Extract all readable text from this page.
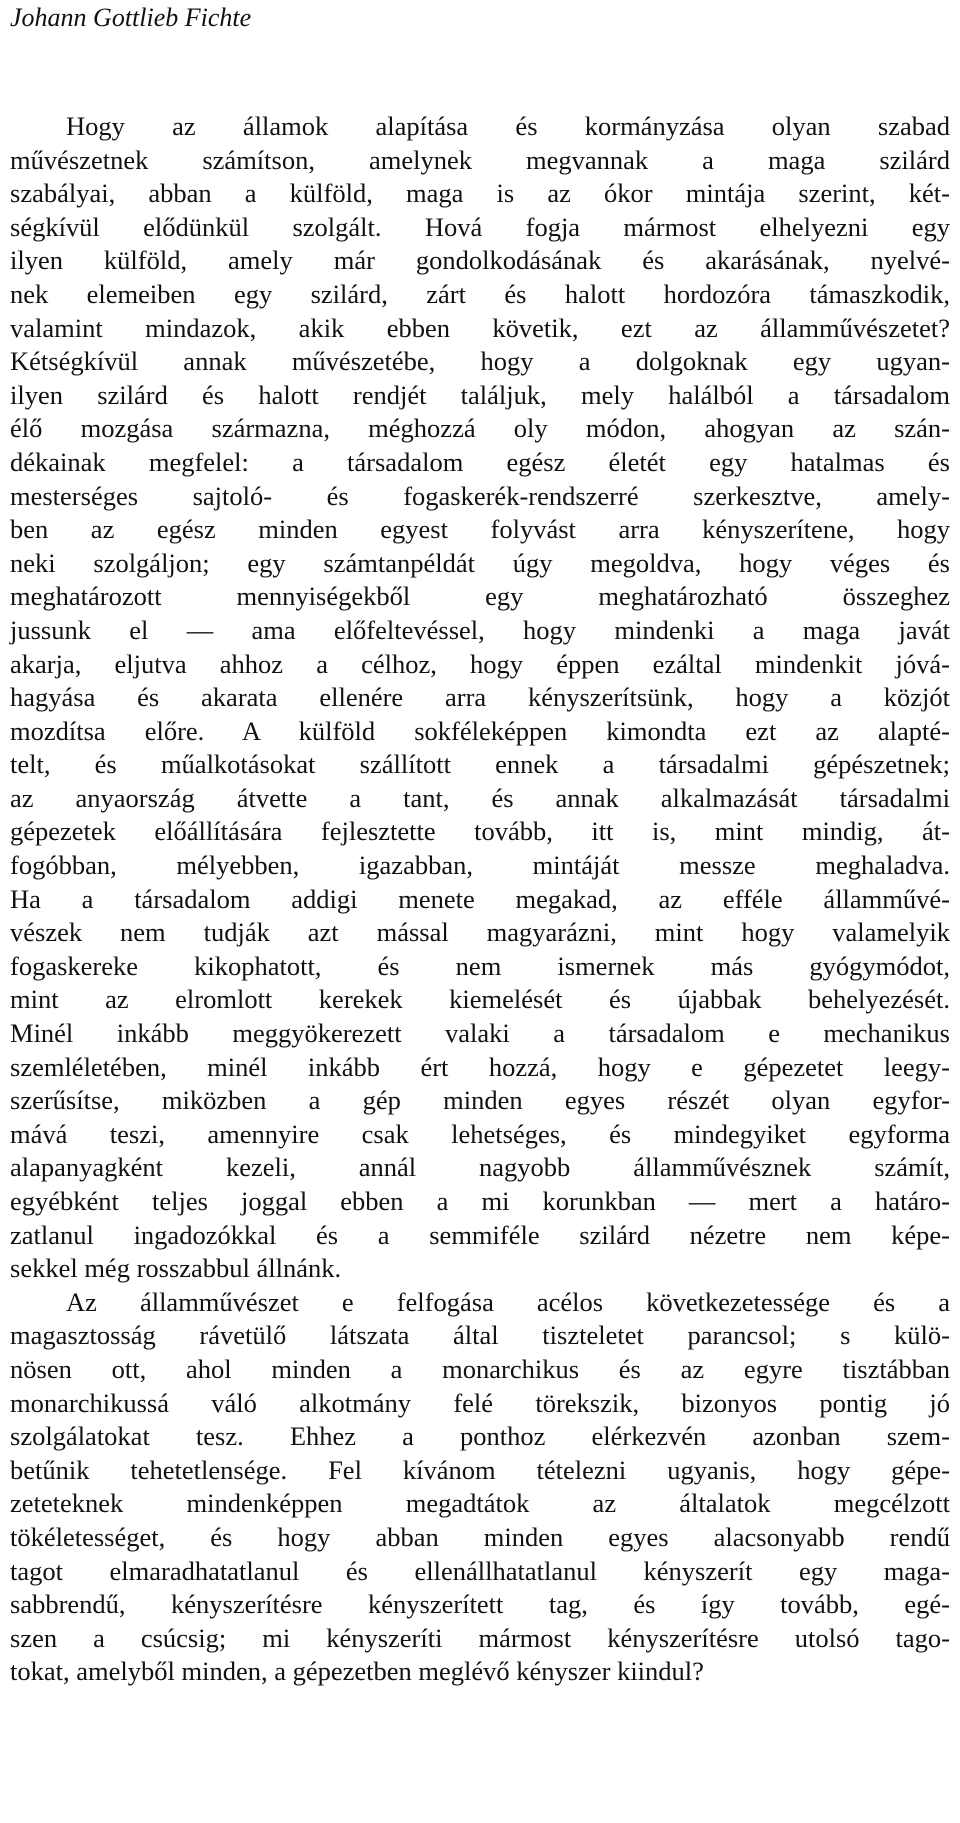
Johann Gottlieb Fichte
Hogy az államok alapítása és kormányzása olyan szabad
művészetnek számítson, amelynek megvannak a maga szilárd
szabályai, abban a külföld, maga is az ókor mintája szerint, két-
ségkívül elődünkül szolgált. Hová fogja mármost elhelyezni egy
ilyen külföld, amely már gondolkodásának és akarásának, nyelvé-
nek elemeiben egy szilárd, zárt és halott hordozóra támaszkodik,
valamint mindazok, akik ebben követik, ezt az államművészetet?
Kétségkívül annak művészetébe, hogy a dolgoknak egy ugyan-
ilyen szilárd és halott rendjét találjuk, mely halálból a társadalom
élő mozgása származna, méghozzá oly módon, ahogyan az szán-
dékainak megfelel: a társadalom egész életét egy hatalmas és
mesterséges sajtoló- és fogaskerék-rendszerré szerkesztve, amely-
ben az egész minden egyest folyvást arra kényszerítene, hogy
neki szolgáljon; egy számtanpéldát úgy megoldva, hogy véges és
meghatározott mennyiségekből egy meghatározható összeghez
jussunk el — ama előfeltevéssel, hogy mindenki a maga javát
akarja, eljutva ahhoz a célhoz, hogy éppen ezáltal mindenkit jóvá-
hagyása és akarata ellenére arra kényszerítsünk, hogy a közjót
mozdítsa előre. A külföld sokféleképpen kimondta ezt az alapté-
telt, és műalkotásokat szállított ennek a társadalmi gépészetnek;
az anyaország átvette a tant, és annak alkalmazását társadalmi
gépezetek előállítására fejlesztette tovább, itt is, mint mindig, át-
fogóbban, mélyebben, igazabban, mintáját messze meghaladva.
Ha a társadalom addigi menete megakad, az efféle államművé-
vészek nem tudják azt mással magyarázni, mint hogy valamelyik
fogaskereke kikophatott, és nem ismernek más gyógymódot,
mint az elromlott kerekek kiemelését és újabbak behelyezését.
Minél inkább meggyökerezett valaki a társadalom e mechanikus
szemléletében, minél inkább ért hozzá, hogy e gépezetet leegy-
szerűsítse, miközben a gép minden egyes részét olyan egyfor-
mává teszi, amennyire csak lehetséges, és mindegyiket egyforma
alapanyagként kezeli, annál nagyobb államművésznek számít,
egyébként teljes joggal ebben a mi korunkban — mert a határo-
zatlanul ingadozókkal és a semmiféle szilárd nézetre nem képe-
sekkel még rosszabbul állnánk.
Az államművészet e felfogása acélos következetessége és a
magasztosság rávetülő látszata által tiszteletet parancsol; s külö-
nösen ott, ahol minden a monarchikus és az egyre tisztábban
monarchikussá váló alkotmány felé törekszik, bizonyos pontig jó
szolgálatokat tesz. Ehhez a ponthoz elérkezvén azonban szem-
betűnik tehetetlensége. Fel kívánom tételezni ugyanis, hogy gépe-
zeteteknek mindenképpen megadtátok az általatok megcélzott
tökéletességet, és hogy abban minden egyes alacsonyabb rendű
tagot elmaradhatatlanul és ellenállhatatlanul kényszerít egy maga-
sabbrendű, kényszerítésre kényszerített tag, és így tovább, egé-
szen a csúcsig; mi kényszeríti mármost kényszerítésre utolsó tago-
tokat, amelyből minden, a gépezetben meglévő kényszer kiindul?
